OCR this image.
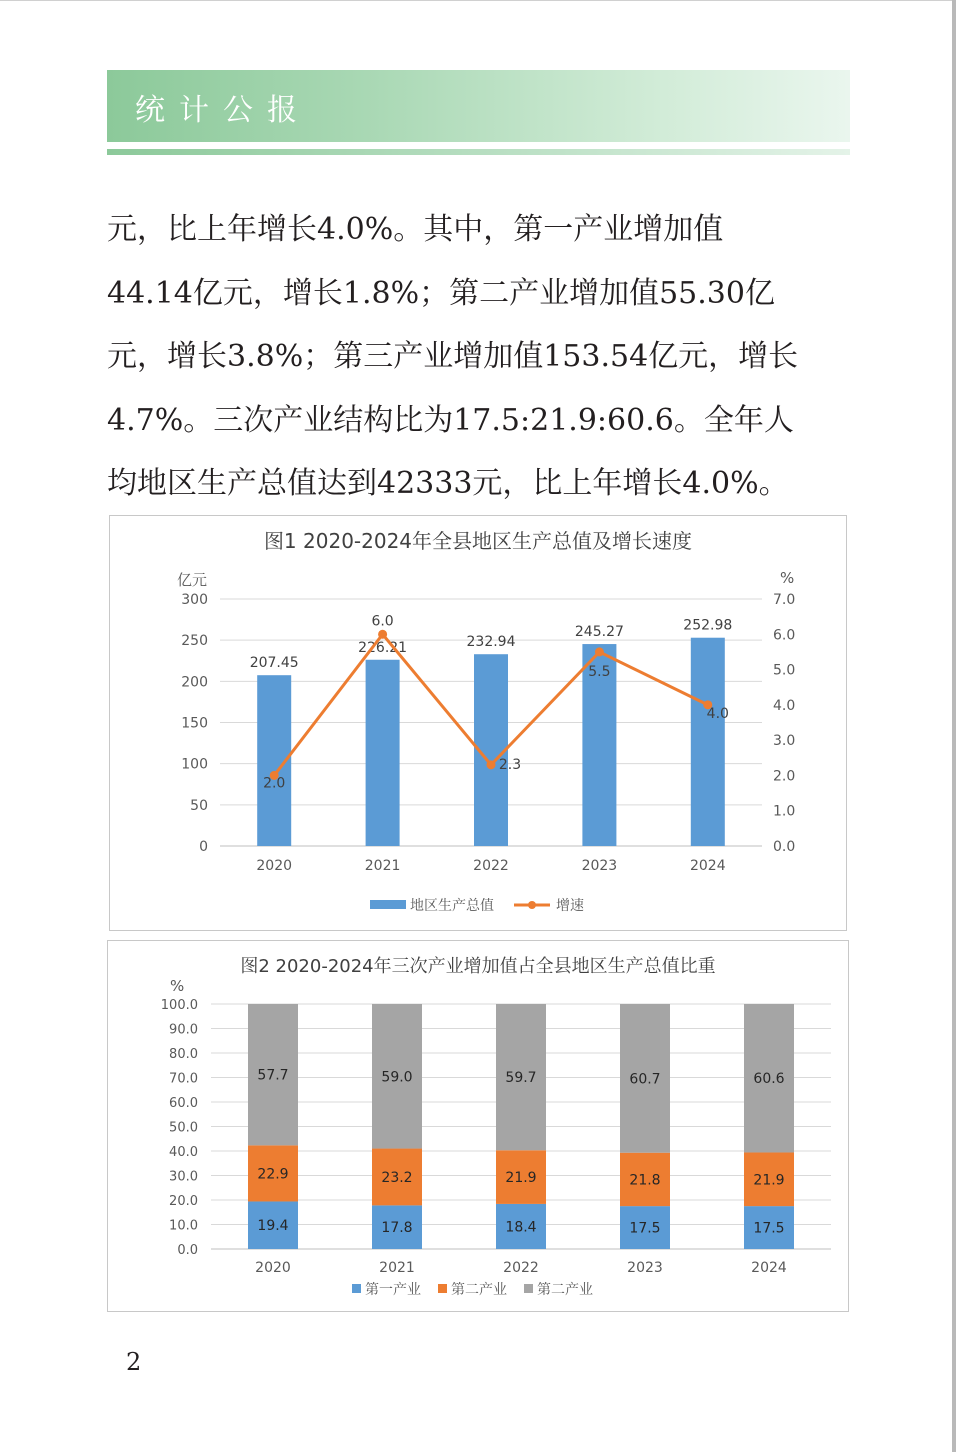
统计公报
元，比上年增长4.0%。其中，第一产业增加值
44.14亿元，增长1.8%；第二产业增加值55.30亿
元，增长3.8%；第三产业增加值153.54亿元，增长
4.7%。三次产业结构比为17.5:21.9:60.6。全年人
均地区生产总值达到42333元，比上年增长4.0%。
图1 2020-2024年全县地区生产总值及增长速度
亿元	%
300
250
200
150
100
50
0
7.0
6.0
5.0
4.0
3.0
2.0
1.0
0.0
207.45
226.21	232.94
245.27	252.98
2020	2021	2022	2023	2024
2.0
6.0
2.3
5.5
4.0
地区生产总值	增速
图2 2020-2024年三次产业增加值占全县地区生产总值比重
%
100.0
90.0
80.0
70.0
60.0
50.0
40.0
30.0
20.0
10.0
0.0
19.4
22.9
57.7
2020
17.8
23.2
59.0
2021
18.4
21.9
59.7
2022
17.5
21.8
60.7
2023
17.5
21.9
60.6
2024
第一产业 第二产业 第二产业
2
